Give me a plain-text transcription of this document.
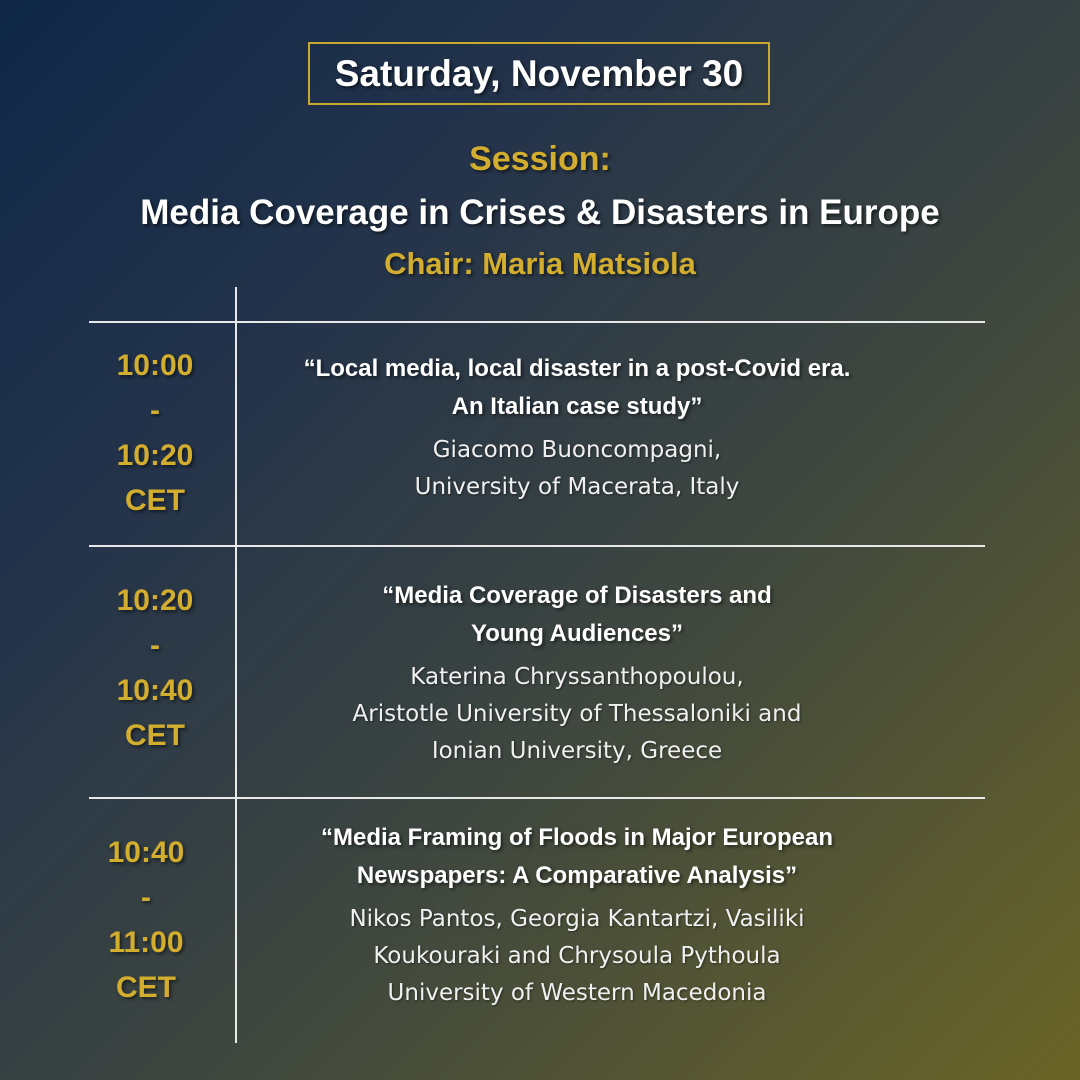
Saturday, November 30
Session:
Media Coverage in Crises & Disasters in Europe
Chair: Maria Matsiola
10:00
-
10:20
CET
“Local media, local disaster in a post-Covid era.
An Italian case study”
Giacomo Buoncompagni,
University of Macerata, Italy
10:20
-
10:40
CET
“Media Coverage of Disasters and
Young Audiences”
Katerina Chryssanthopoulou,
Aristotle University of Thessaloniki and
Ionian University, Greece
10:40
-
11:00
CET
“Media Framing of Floods in Major European
Newspapers: A Comparative Analysis”
Nikos Pantos, Georgia Kantartzi, Vasiliki
Koukouraki and Chrysoula Pythoula
University of Western Macedonia
